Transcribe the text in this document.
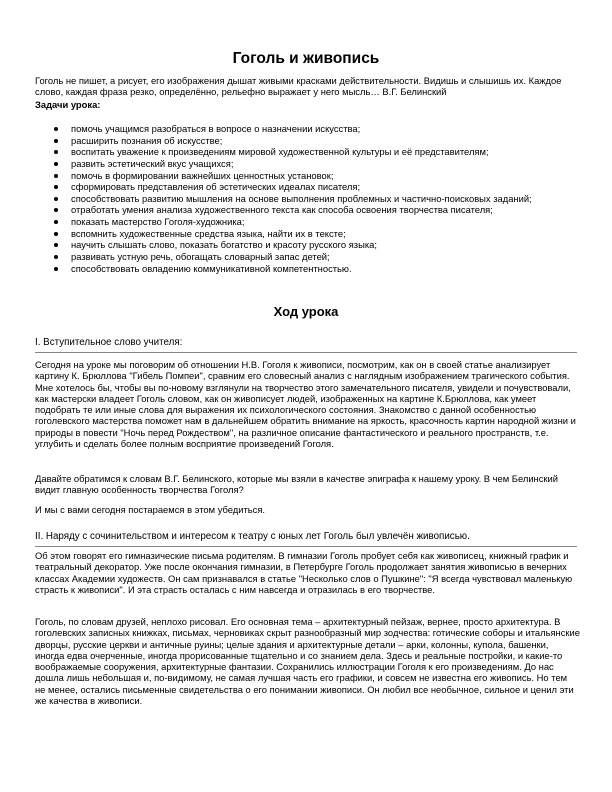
Гоголь и живопись

Гоголь не пишет, а рисует, его изображения дышат живыми красками действительности. Видишь и слышишь их. Каждое слово, каждая фраза резко, определённо, рельефно выражает у него мысль… В.Г. Белинский

Задачи урока:

помочь учащимся разобраться в вопросе о назначении искусства;
расширить познания об искусстве;
воспитать уважение к произведениям мировой художественной культуры и её представителям;
развить эстетический вкус учащихся;
помочь в формировании важнейших ценностных установок;
сформировать представления об эстетических идеалах писателя;
способствовать развитию мышления на основе выполнения проблемных и частично-поисковых заданий;
отработать умения анализа художественного текста как способа освоения творчества писателя;
показать мастерство Гоголя-художника;
вспомнить художественные средства языка, найти их в тексте;
научить слышать слово, показать богатство и красоту русского языка;
развивать устную речь, обогащать словарный запас детей;
способствовать овладению коммуникативной компетентностью.
Ход урока

I. Вступительное слово учителя:

Сегодня на уроке мы поговорим об отношении Н.В. Гоголя к живописи, посмотрим, как он в своей статье анализирует картину К. Брюллова "Гибель Помпеи", сравним его словесный анализ с наглядным изображением трагического события. Мне хотелось бы, чтобы вы по-новому взглянули на творчество этого замечательного писателя, увидели и почувствовали, как мастерски владеет Гоголь словом, как он живописует людей, изображенных на картине К.Брюллова, как умеет подобрать те или иные слова для выражения их психологического состояния. Знакомство с данной особенностью гоголевского мастерства поможет нам в дальнейшем обратить внимание на яркость, красочность картин народной жизни и природы в повести "Ночь перед Рождеством", на различное описание фантастического и реального пространств, т.е. углубить и сделать более полным восприятие произведений Гоголя.

Давайте обратимся к словам В.Г. Белинского, которые мы взяли в качестве эпиграфа к нашему уроку. В чем Белинский видит главную особенность творчества Гоголя?

И мы с вами сегодня постараемся в этом убедиться.

II. Наряду с сочинительством и интересом к театру с юных лет Гоголь был увлечён живописью.

Об этом говорят его гимназические письма родителям. В гимназии Гоголь пробует себя как живописец, книжный график и театральный декоратор. Уже после окончания гимназии, в Петербурге Гоголь продолжает занятия живописью в вечерних классах Академии художеств. Он сам признавался в статье "Несколько слов о Пушкине": "Я всегда чувствовал маленькую страсть к живописи". И эта страсть осталась с ним навсегда и отразилась в его творчестве.

Гоголь, по словам друзей, неплохо рисовал. Его основная тема – архитектурный пейзаж, вернее, просто архитектура. В гоголевских записных книжках, письмах, черновиках скрыт разнообразный мир зодчества: готические соборы и итальянские дворцы, русские церкви и античные руины; целые здания и архитектурные детали – арки, колонны, купола, башенки, иногда едва очерченные, иногда прорисованные тщательно и со знанием дела. Здесь и реальные постройки, и какие-то воображаемые сооружения, архитектурные фантазии. Сохранились иллюстрации Гоголя к его произведениям. До нас дошла лишь небольшая и, по-видимому, не самая лучшая часть его графики, и совсем не известна его живопись. Но тем не менее, остались письменные свидетельства о его понимании живописи. Он любил все необычное, сильное и ценил эти же качества в живописи.
